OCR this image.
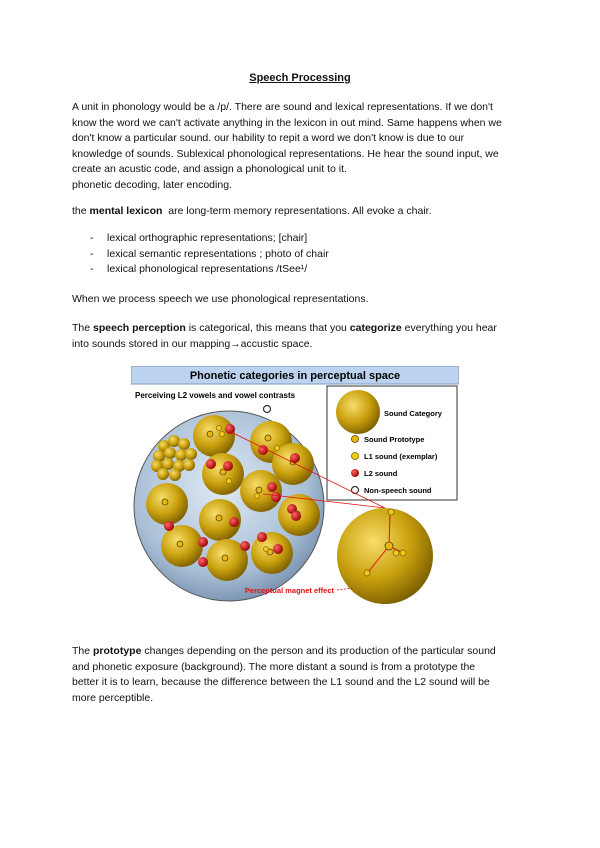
Speech Processing

A unit in phonology would be a /p/. There are sound and lexical representations. If we don't
know the word we can't activate anything in the lexicon in out mind. Same happens when we
don't know a particular sound. our hability to repit a word we don't know is due to our
knowledge of sounds. Sublexical phonological representations. He hear the sound input, we
create an acustic code, and assign a phonological unit to it.
phonetic decoding, later encoding.

the mental lexicon  are long-term memory representations. All evoke a chair.

- lexical orthographic representations; [chair]
- lexical semantic representations ; photo of chair
- lexical phonological representations /tSee¹/

When we process speech we use phonological representations.

The speech perception is categorical, this means that you categorize everything you hear
into sounds stored in our mapping→accustic space.

Phonetic categories in perceptual space
Perceiving L2 vowels and vowel contrasts
Sound Category
Sound Prototype
L1 sound (exemplar)
L2 sound
Non-speech sound
Perceptual magnet effect

The prototype changes depending on the person and its production of the particular sound
and phonetic exposure (background). The more distant a sound is from a prototype the
better it is to learn, because the difference between the L1 sound and the L2 sound will be
more perceptible.
